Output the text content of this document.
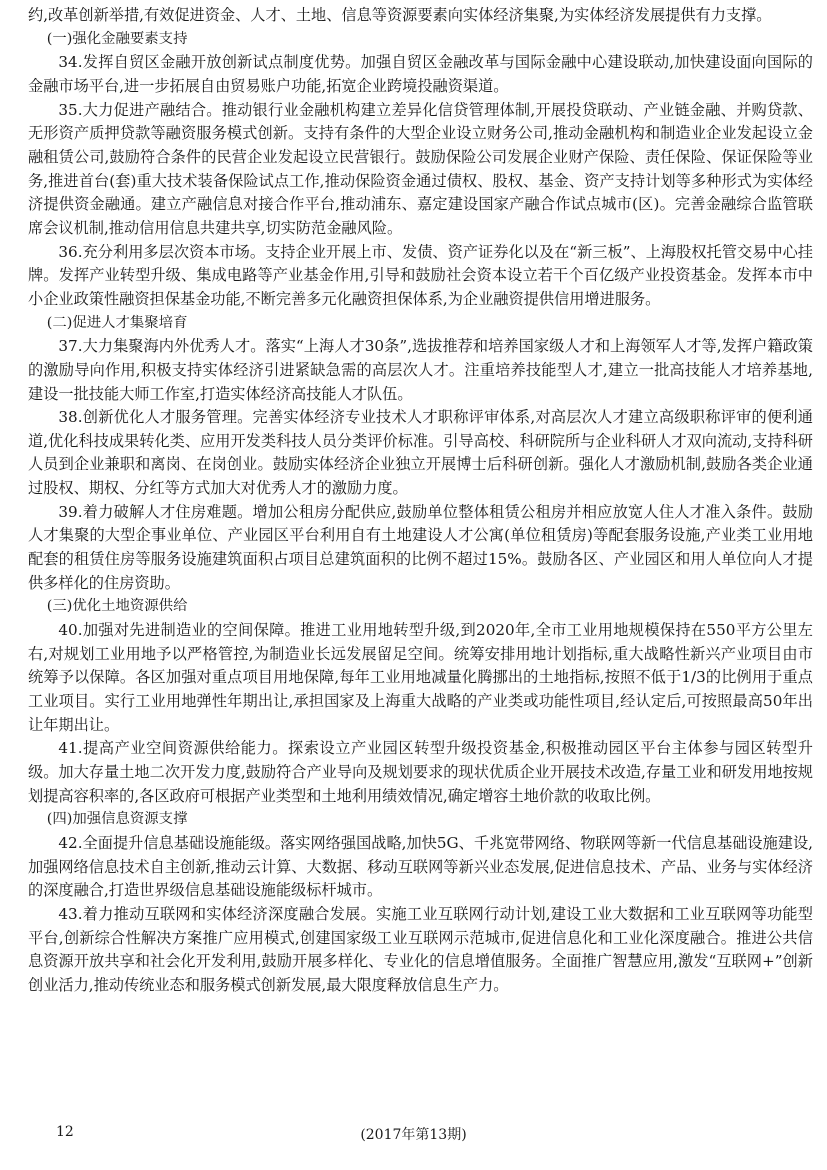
约,改革创新举措,有效促进资金、人才、土地、信息等资源要素向实体经济集聚,为实体经济发展提供有力支撑。

(一)强化金融要素支持

34.发挥自贸区金融开放创新试点制度优势。加强自贸区金融改革与国际金融中心建设联动,加快建设面向国际的金融市场平台,进一步拓展自由贸易账户功能,拓宽企业跨境投融资渠道。

35.大力促进产融结合。推动银行业金融机构建立差异化信贷管理体制,开展投贷联动、产业链金融、并购贷款、无形资产质押贷款等融资服务模式创新。支持有条件的大型企业设立财务公司,推动金融机构和制造业企业发起设立金融租赁公司,鼓励符合条件的民营企业发起设立民营银行。鼓励保险公司发展企业财产保险、责任保险、保证保险等业务,推进首台(套)重大技术装备保险试点工作,推动保险资金通过债权、股权、基金、资产支持计划等多种形式为实体经济提供资金融通。建立产融信息对接合作平台,推动浦东、嘉定建设国家产融合作试点城市(区)。完善金融综合监管联席会议机制,推动信用信息共建共享,切实防范金融风险。

36.充分利用多层次资本市场。支持企业开展上市、发债、资产证券化以及在“新三板”、上海股权托管交易中心挂牌。发挥产业转型升级、集成电路等产业基金作用,引导和鼓励社会资本设立若干个百亿级产业投资基金。发挥本市中小企业政策性融资担保基金功能,不断完善多元化融资担保体系,为企业融资提供信用增进服务。

(二)促进人才集聚培育

37.大力集聚海内外优秀人才。落实“上海人才30条”,选拔推荐和培养国家级人才和上海领军人才等,发挥户籍政策的激励导向作用,积极支持实体经济引进紧缺急需的高层次人才。注重培养技能型人才,建立一批高技能人才培养基地,建设一批技能大师工作室,打造实体经济高技能人才队伍。

38.创新优化人才服务管理。完善实体经济专业技术人才职称评审体系,对高层次人才建立高级职称评审的便利通道,优化科技成果转化类、应用开发类科技人员分类评价标准。引导高校、科研院所与企业科研人才双向流动,支持科研人员到企业兼职和离岗、在岗创业。鼓励实体经济企业独立开展博士后科研创新。强化人才激励机制,鼓励各类企业通过股权、期权、分红等方式加大对优秀人才的激励力度。

39.着力破解人才住房难题。增加公租房分配供应,鼓励单位整体租赁公租房并相应放宽人住人才准入条件。鼓励人才集聚的大型企事业单位、产业园区平台利用自有土地建设人才公寓(单位租赁房)等配套服务设施,产业类工业用地配套的租赁住房等服务设施建筑面积占项目总建筑面积的比例不超过15%。鼓励各区、产业园区和用人单位向人才提供多样化的住房资助。

(三)优化土地资源供给

40.加强对先进制造业的空间保障。推进工业用地转型升级,到2020年,全市工业用地规模保持在550平方公里左右,对规划工业用地予以严格管控,为制造业长远发展留足空间。统筹安排用地计划指标,重大战略性新兴产业项目由市统筹予以保障。各区加强对重点项目用地保障,每年工业用地减量化腾挪出的土地指标,按照不低于1/3的比例用于重点工业项目。实行工业用地弹性年期出让,承担国家及上海重大战略的产业类或功能性项目,经认定后,可按照最高50年出让年期出让。

41.提高产业空间资源供给能力。探索设立产业园区转型升级投资基金,积极推动园区平台主体参与园区转型升级。加大存量土地二次开发力度,鼓励符合产业导向及规划要求的现状优质企业开展技术改造,存量工业和研发用地按规划提高容积率的,各区政府可根据产业类型和土地利用绩效情况,确定增容土地价款的收取比例。

(四)加强信息资源支撑

42.全面提升信息基础设施能级。落实网络强国战略,加快5G、千兆宽带网络、物联网等新一代信息基础设施建设,加强网络信息技术自主创新,推动云计算、大数据、移动互联网等新兴业态发展,促进信息技术、产品、业务与实体经济的深度融合,打造世界级信息基础设施能级标杆城市。

43.着力推动互联网和实体经济深度融合发展。实施工业互联网行动计划,建设工业大数据和工业互联网等功能型平台,创新综合性解决方案推广应用模式,创建国家级工业互联网示范城市,促进信息化和工业化深度融合。推进公共信息资源开放共享和社会化开发利用,鼓励开展多样化、专业化的信息增值服务。全面推广智慧应用,激发“互联网+”创新创业活力,推动传统业态和服务模式创新发展,最大限度释放信息生产力。

12	(2017年第13期)
